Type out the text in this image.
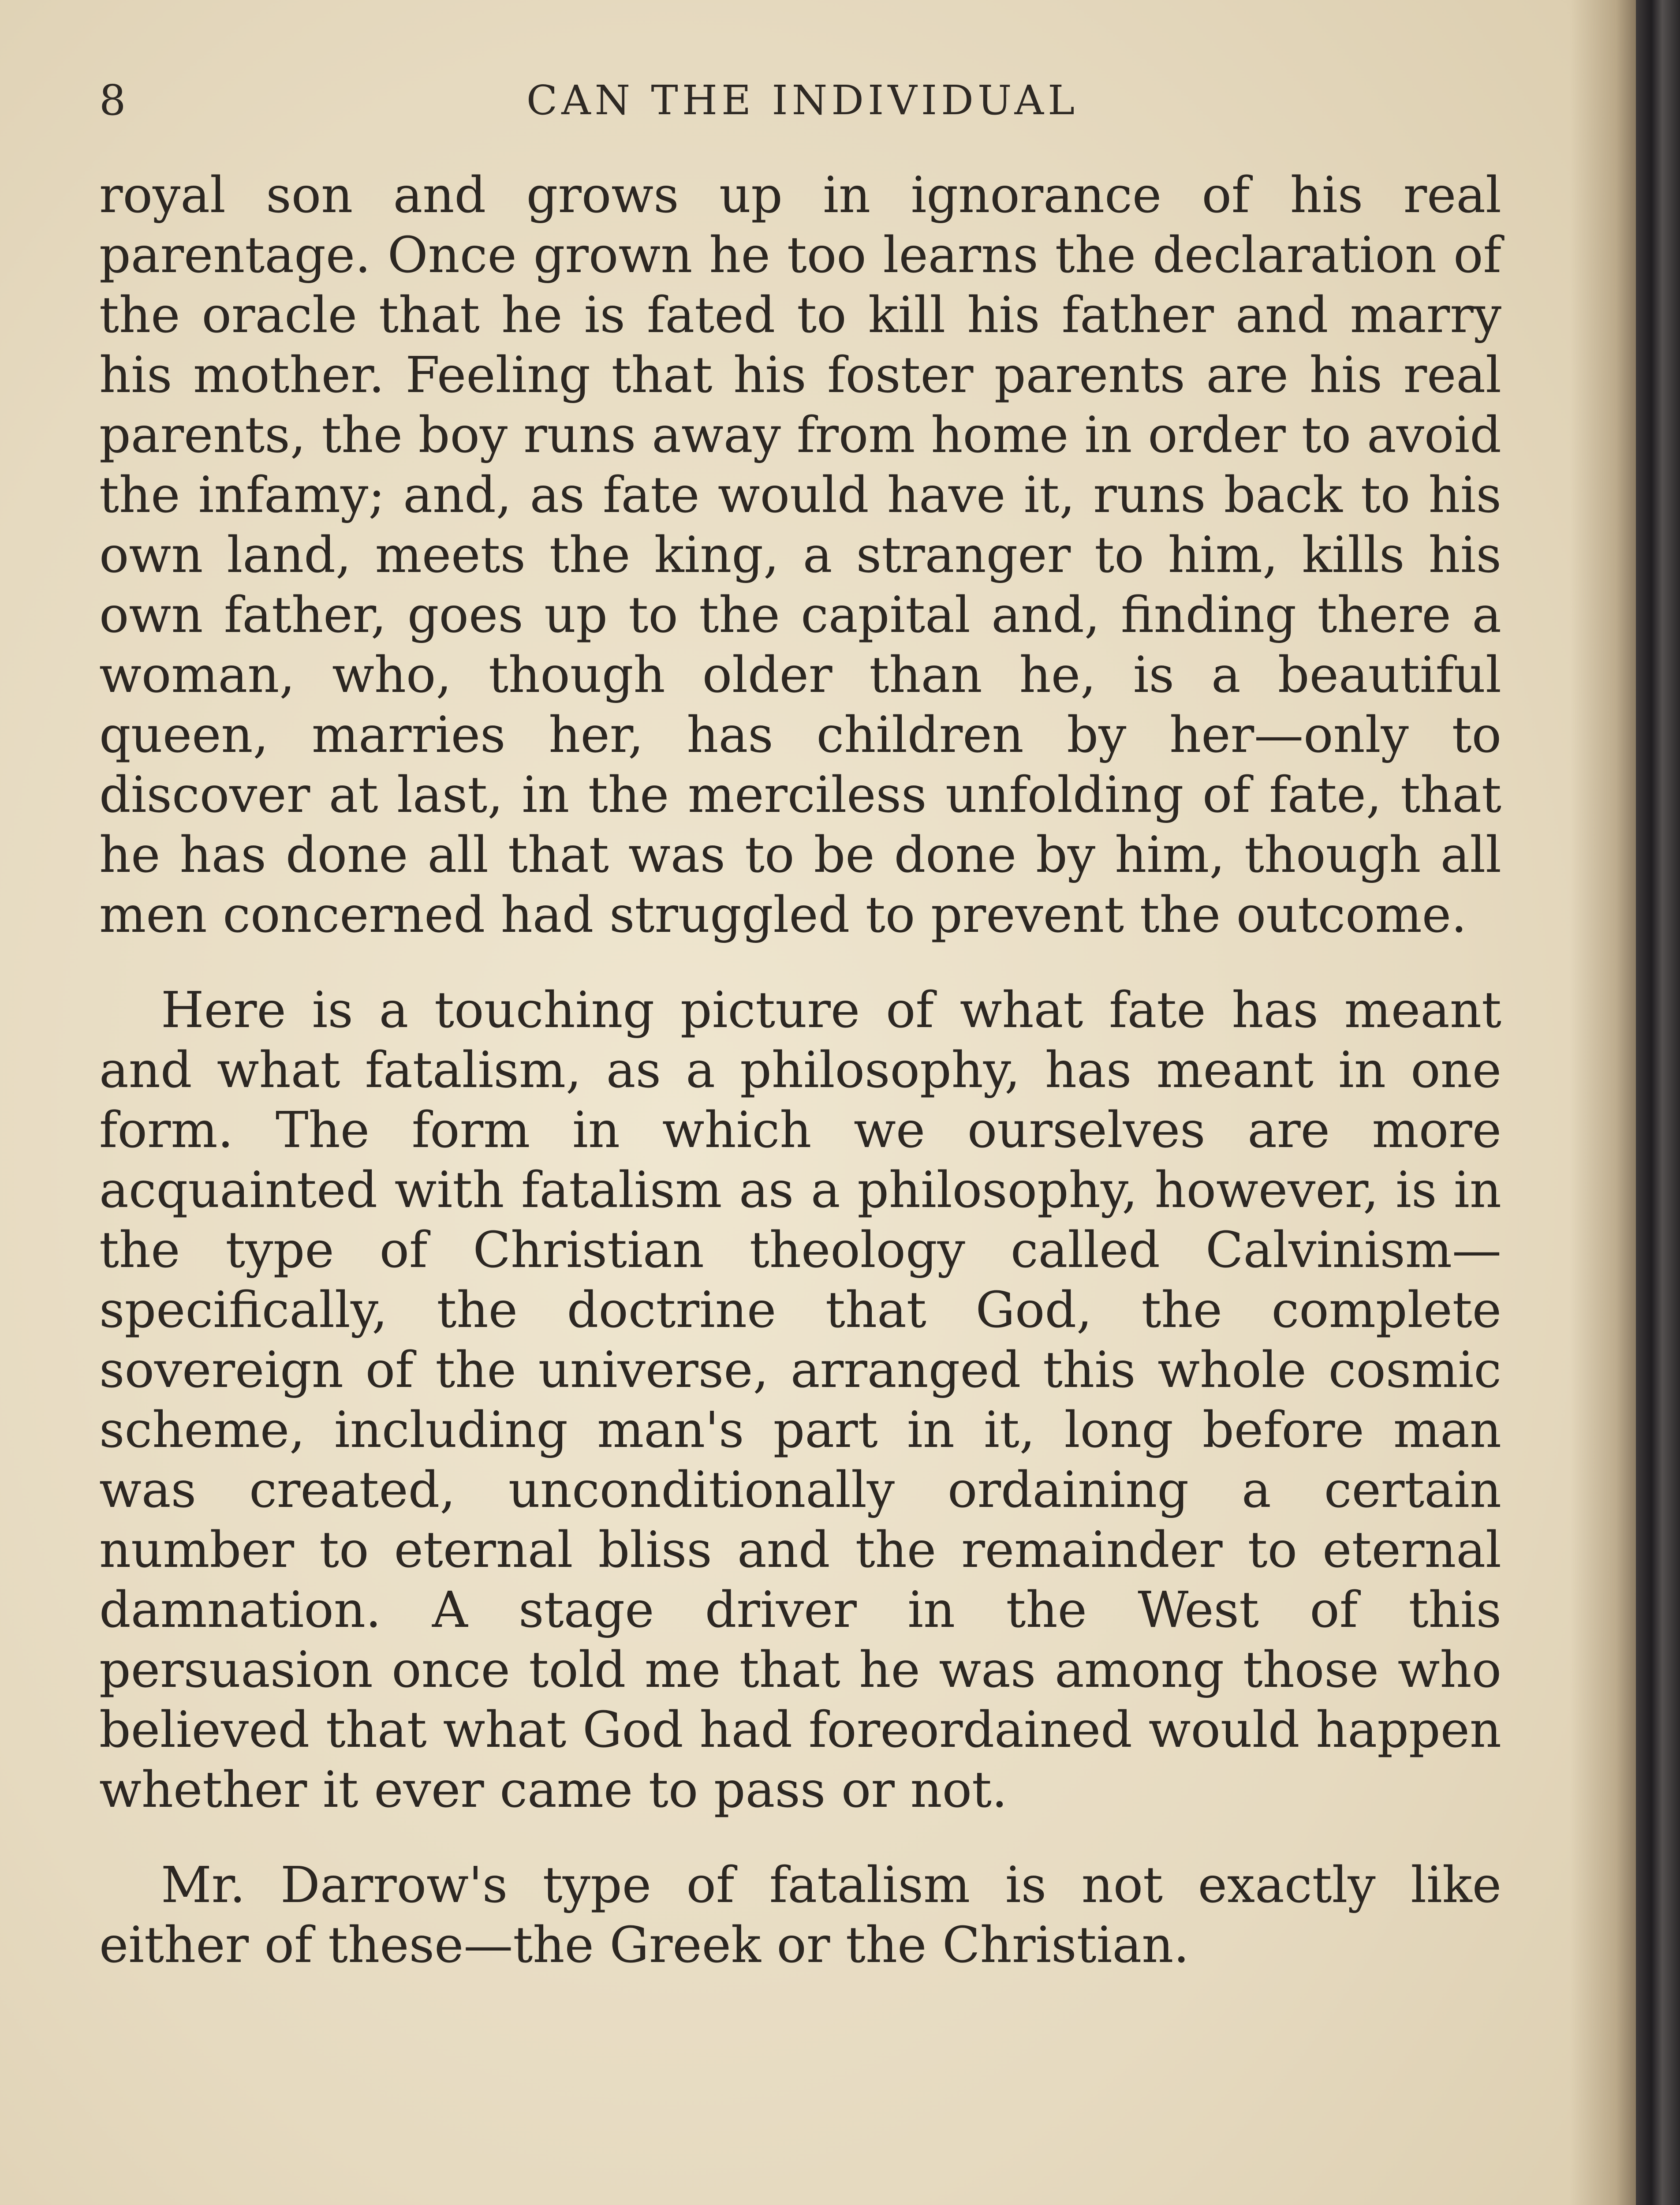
8	CAN THE INDIVIDUAL

royal son and grows up in ignorance of his real parentage. Once grown he too learns the declaration of the oracle that he is fated to kill his father and marry his mother. Feeling that his foster parents are his real parents, the boy runs away from home in order to avoid the infamy; and, as fate would have it, runs back to his own land, meets the king, a stranger to him, kills his own father, goes up to the capital and, finding there a woman, who, though older than he, is a beautiful queen, marries her, has children by her—only to discover at last, in the merciless unfolding of fate, that he has done all that was to be done by him, though all men concerned had struggled to prevent the outcome.

Here is a touching picture of what fate has meant and what fatalism, as a philosophy, has meant in one form. The form in which we ourselves are more acquainted with fatalism as a philosophy, however, is in the type of Christian theology called Calvinism—specifically, the doctrine that God, the complete sovereign of the universe, arranged this whole cosmic scheme, including man's part in it, long before man was created, unconditionally ordaining a certain number to eternal bliss and the remainder to eternal damnation. A stage driver in the West of this persuasion once told me that he was among those who believed that what God had foreordained would happen whether it ever came to pass or not.

Mr. Darrow's type of fatalism is not exactly like either of these—the Greek or the Christian.
